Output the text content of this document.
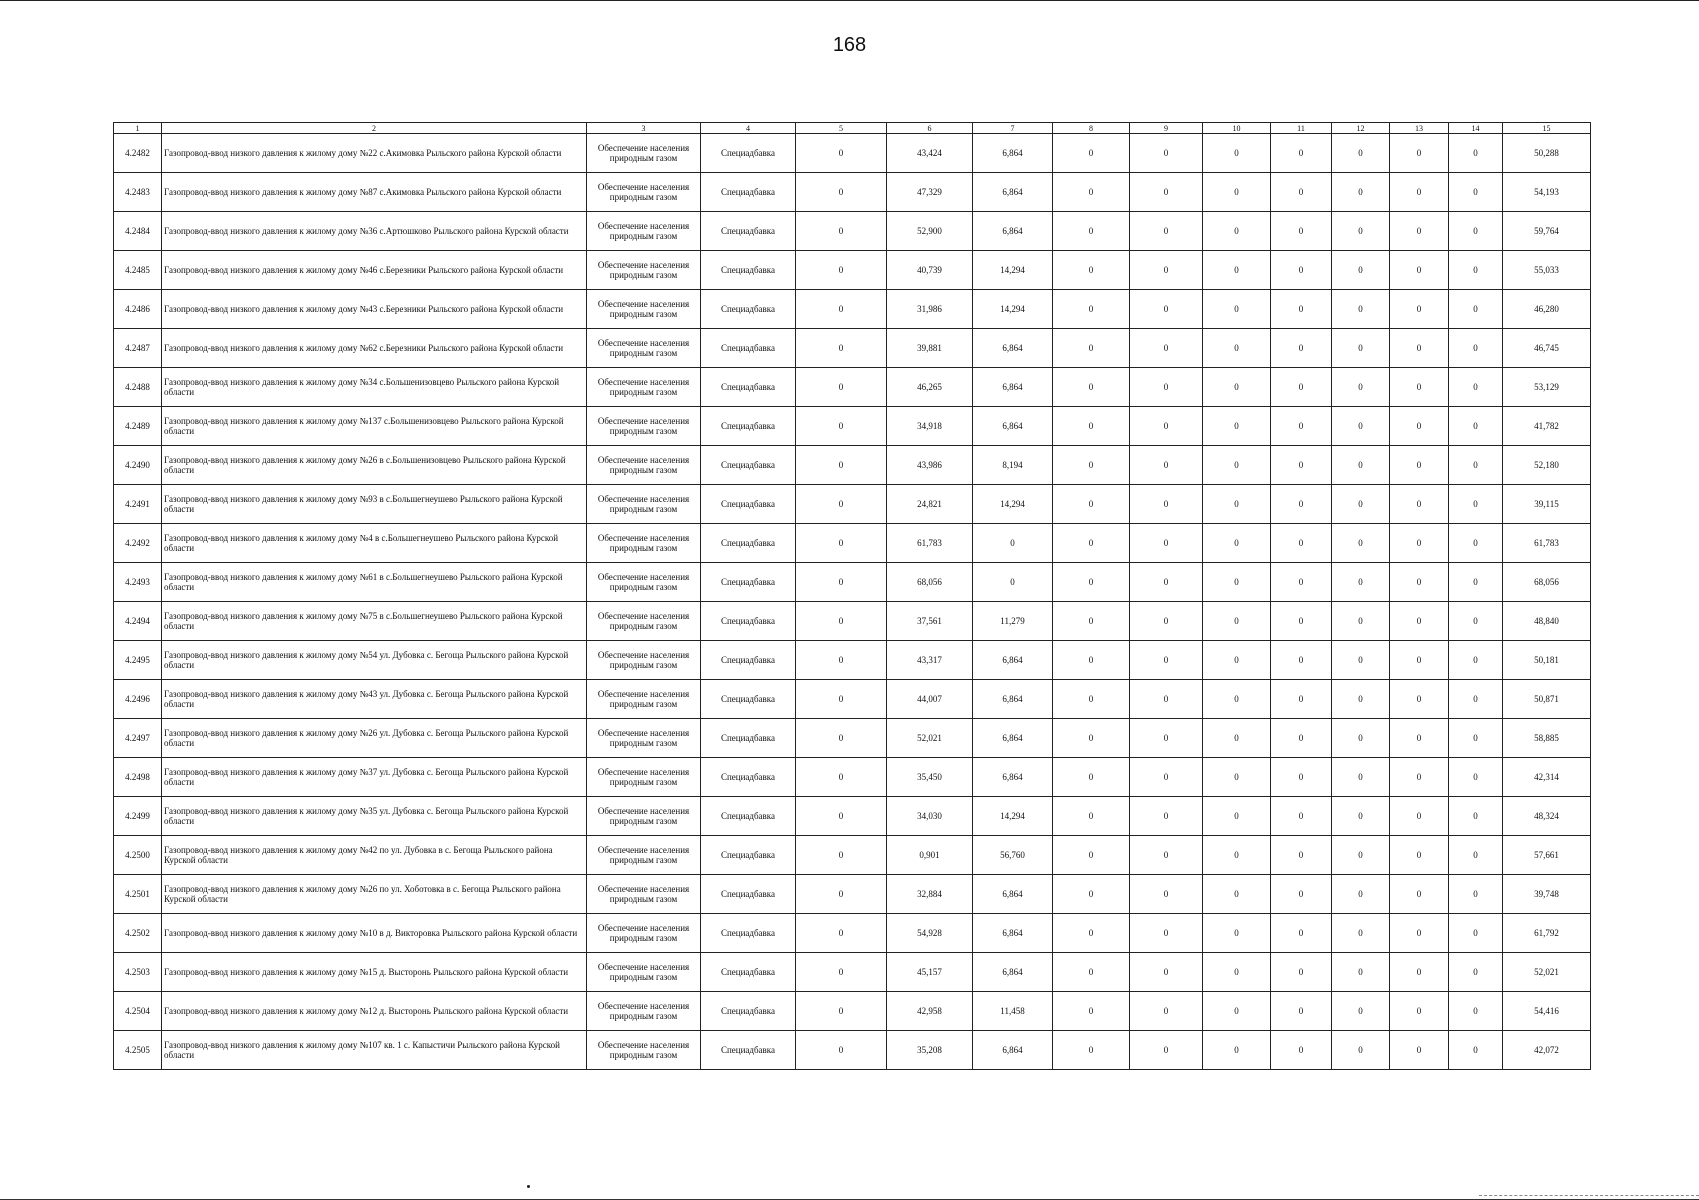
168
1	2	3	4	5	6	7	8	9	10	11	12	13	14	15
4.2482	Газопровод-ввод низкого давления к жилому дому №22 с.Акимовка Рыльского района Курской области	Обеспечение населения природным газом	Специадбавка	0	43,424	6,864	0	0	0	0	0	0	0	50,288
4.2483	Газопровод-ввод низкого давления к жилому дому №87 с.Акимовка Рыльского района Курской области	Обеспечение населения природным газом	Специадбавка	0	47,329	6,864	0	0	0	0	0	0	0	54,193
4.2484	Газопровод-ввод низкого давления к жилому дому №36 с.Артюшково Рыльского района Курской области	Обеспечение населения природным газом	Специадбавка	0	52,900	6,864	0	0	0	0	0	0	0	59,764
4.2485	Газопровод-ввод низкого давления к жилому дому №46 с.Березники Рыльского района Курской области	Обеспечение населения природным газом	Специадбавка	0	40,739	14,294	0	0	0	0	0	0	0	55,033
4.2486	Газопровод-ввод низкого давления к жилому дому №43 с.Березники Рыльского района Курской области	Обеспечение населения природным газом	Специадбавка	0	31,986	14,294	0	0	0	0	0	0	0	46,280
4.2487	Газопровод-ввод низкого давления к жилому дому №62 с.Березники Рыльского района Курской области	Обеспечение населения природным газом	Специадбавка	0	39,881	6,864	0	0	0	0	0	0	0	46,745
4.2488	Газопровод-ввод низкого давления к жилому дому №34 с.Большенизовцево Рыльского района Курской области	Обеспечение населения природным газом	Специадбавка	0	46,265	6,864	0	0	0	0	0	0	0	53,129
4.2489	Газопровод-ввод низкого давления к жилому дому №137 с.Большенизовцево Рыльского района Курской области	Обеспечение населения природным газом	Специадбавка	0	34,918	6,864	0	0	0	0	0	0	0	41,782
4.2490	Газопровод-ввод низкого давления к жилому дому №26 в с.Большенизовцево Рыльского района Курской области	Обеспечение населения природным газом	Специадбавка	0	43,986	8,194	0	0	0	0	0	0	0	52,180
4.2491	Газопровод-ввод низкого давления к жилому дому №93 в с.Большегнеушево Рыльского района Курской области	Обеспечение населения природным газом	Специадбавка	0	24,821	14,294	0	0	0	0	0	0	0	39,115
4.2492	Газопровод-ввод низкого давления к жилому дому №4 в с.Большегнеушево Рыльского района Курской области	Обеспечение населения природным газом	Специадбавка	0	61,783	0	0	0	0	0	0	0	0	61,783
4.2493	Газопровод-ввод низкого давления к жилому дому №61 в с.Большегнеушево Рыльского района Курской области	Обеспечение населения природным газом	Специадбавка	0	68,056	0	0	0	0	0	0	0	0	68,056
4.2494	Газопровод-ввод низкого давления к жилому дому №75 в с.Большегнеушево Рыльского района Курской области	Обеспечение населения природным газом	Специадбавка	0	37,561	11,279	0	0	0	0	0	0	0	48,840
4.2495	Газопровод-ввод низкого давления к жилому дому №54 ул. Дубовка с. Бегоща Рыльского района Курской области	Обеспечение населения природным газом	Специадбавка	0	43,317	6,864	0	0	0	0	0	0	0	50,181
4.2496	Газопровод-ввод низкого давления к жилому дому №43 ул. Дубовка с. Бегоща Рыльского района Курской области	Обеспечение населения природным газом	Специадбавка	0	44,007	6,864	0	0	0	0	0	0	0	50,871
4.2497	Газопровод-ввод низкого давления к жилому дому №26 ул. Дубовка с. Бегоща Рыльского района Курской области	Обеспечение населения природным газом	Специадбавка	0	52,021	6,864	0	0	0	0	0	0	0	58,885
4.2498	Газопровод-ввод низкого давления к жилому дому №37 ул. Дубовка с. Бегоща Рыльского района Курской области	Обеспечение населения природным газом	Специадбавка	0	35,450	6,864	0	0	0	0	0	0	0	42,314
4.2499	Газопровод-ввод низкого давления к жилому дому №35 ул. Дубовка с. Бегоща Рыльского района Курской области	Обеспечение населения природным газом	Специадбавка	0	34,030	14,294	0	0	0	0	0	0	0	48,324
4.2500	Газопровод-ввод низкого давления к жилому дому №42 по ул. Дубовка в с. Бегоща Рыльского района Курской области	Обеспечение населения природным газом	Специадбавка	0	0,901	56,760	0	0	0	0	0	0	0	57,661
4.2501	Газопровод-ввод низкого давления к жилому дому №26 по ул. Хоботовка в с. Бегоща Рыльского района Курской области	Обеспечение населения природным газом	Специадбавка	0	32,884	6,864	0	0	0	0	0	0	0	39,748
4.2502	Газопровод-ввод низкого давления к жилому дому №10 в д. Викторовка Рыльского района Курской области	Обеспечение населения природным газом	Специадбавка	0	54,928	6,864	0	0	0	0	0	0	0	61,792
4.2503	Газопровод-ввод низкого давления к жилому дому №15 д. Высторонь Рыльского района Курской области	Обеспечение населения природным газом	Специадбавка	0	45,157	6,864	0	0	0	0	0	0	0	52,021
4.2504	Газопровод-ввод низкого давления к жилому дому №12 д. Высторонь Рыльского района Курской области	Обеспечение населения природным газом	Специадбавка	0	42,958	11,458	0	0	0	0	0	0	0	54,416
4.2505	Газопровод-ввод низкого давления к жилому дому №107 кв. 1 с. Капыстичи Рыльского района Курской области	Обеспечение населения природным газом	Специадбавка	0	35,208	6,864	0	0	0	0	0	0	0	42,072
